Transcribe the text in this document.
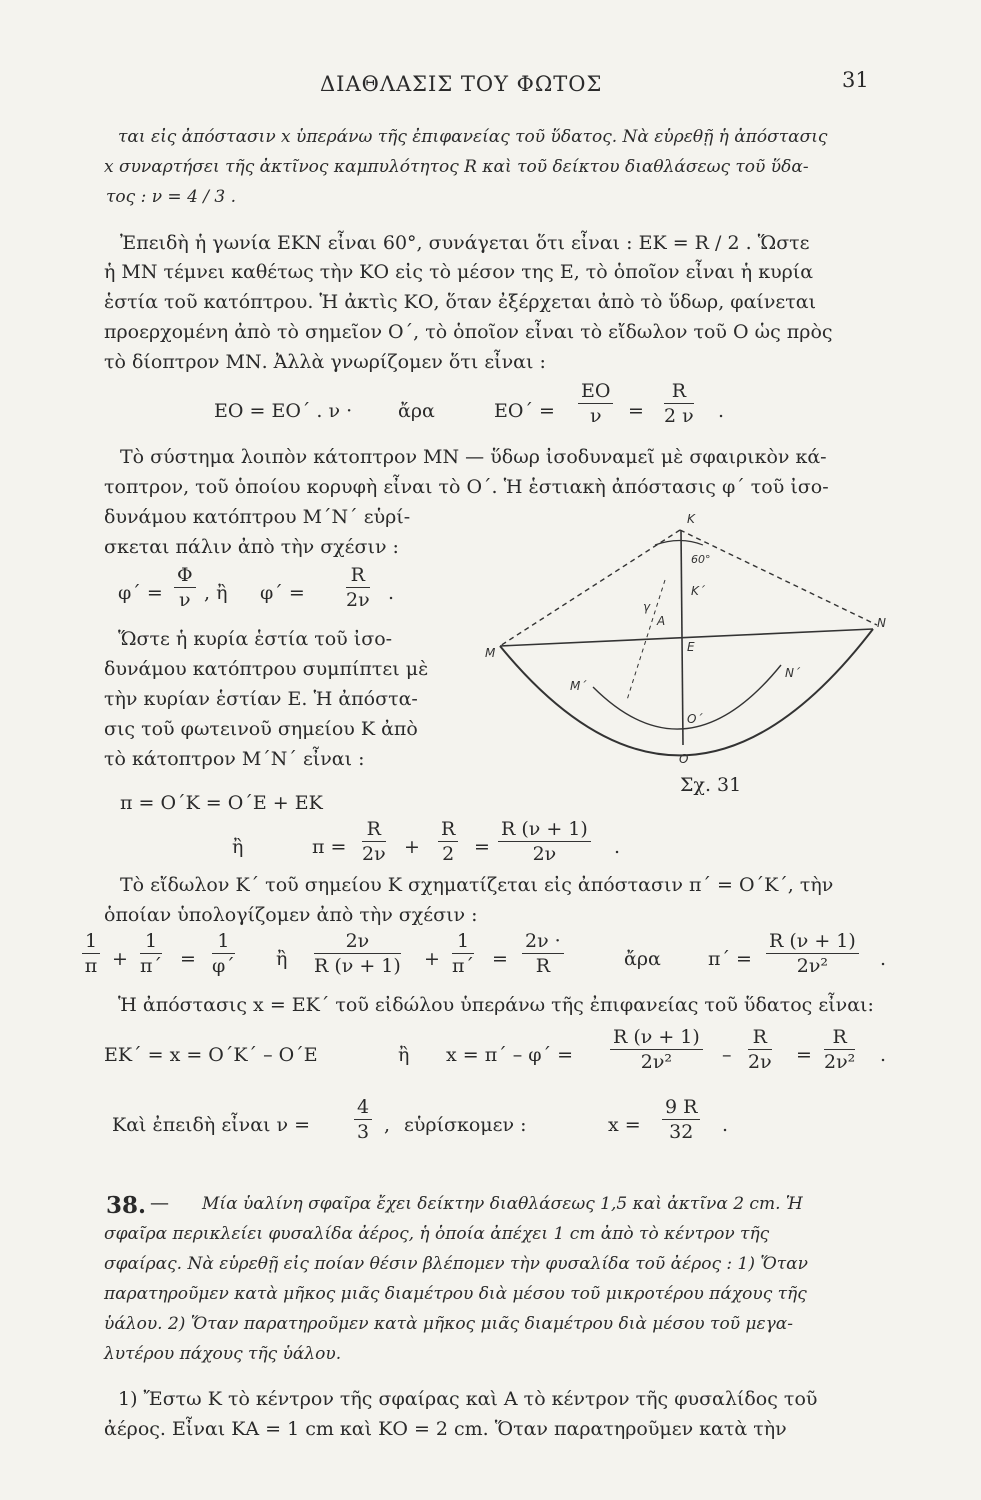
ΔΙΑΘΛΑΣΙΣ ΤΟΥ ΦΩΤΟΣ	31
ται εἰς ἀπόστασιν x ὑπεράνω τῆς ἐπιφανείας τοῦ ὕδατος. Νὰ εὑρεθῇ ἡ ἀπόστασις
x συναρτήσει τῆς ἀκτῖνος καμπυλότητος R καὶ τοῦ δείκτου διαθλάσεως τοῦ ὕδα-
τος : ν = 4 / 3 .
Ἐπειδὴ ἡ γωνία ΕΚΝ εἶναι 60°, συνάγεται ὅτι εἶναι : ΕΚ = R / 2 . Ὥστε
ἡ ΜΝ τέμνει καθέτως τὴν ΚΟ εἰς τὸ μέσον της Ε, τὸ ὁποῖον εἶναι ἡ κυρία
ἑστία τοῦ κατόπτρου. Ἡ ἀκτὶς ΚΟ, ὅταν ἐξέρχεται ἀπὸ τὸ ὕδωρ, φαίνεται
προερχομένη ἀπὸ τὸ σημεῖον Ο΄, τὸ ὁποῖον εἶναι τὸ εἴδωλον τοῦ Ο ὡς πρὸς
τὸ δίοπτρον ΜΝ. Ἀλλὰ γνωρίζομεν ὅτι εἶναι :
ΕΟ = ΕΟ΄ . ν · ἄρα	$EO΄ = \frac{EO}{\nu} = \frac{R}{2 \nu}$ .
Τὸ σύστημα λοιπὸν κάτοπτρον ΜΝ — ὕδωρ ἰσοδυναμεῖ μὲ σφαιρικὸν κά-
τοπτρον, τοῦ ὁποίου κορυφὴ εἶναι τὸ Ο΄. Ἡ ἑστιακὴ ἀπόστασις φ΄ τοῦ ἰσο-
δυνάμου κατόπτρου Μ΄Ν΄ εὑρί-
σκεται πάλιν ἀπὸ τὴν σχέσιν :
$\varphi΄ = \frac{\Phi}{\nu}$ , ἢ $\varphi΄ = \frac{R}{2\nu}$ .
Ὥστε ἡ κυρία ἑστία τοῦ ἰσο-
δυνάμου κατόπτρου συμπίπτει μὲ
τὴν κυρίαν ἑστίαν Ε. Ἡ ἀπόστα-
σις τοῦ φωτεινοῦ σημείου Κ ἀπὸ
τὸ κάτοπτρον Μ΄Ν΄ εἶναι :
K
60°
K΄
M
N
E
M΄
N΄
O΄
O
A
γ
Σχ. 31
π = Ο΄Κ = Ο΄Ε + ΕΚ
ἢ	$\pi = \frac{R}{2\nu} + \frac{R}{2} = \frac{R (\nu + 1)}{2\nu}$ .
Τὸ εἴδωλον Κ΄ τοῦ σημείου Κ σχηματίζεται εἰς ἀπόστασιν π΄ = Ο΄Κ΄, τὴν
ὁποίαν ὑπολογίζομεν ἀπὸ τὴν σχέσιν :
$\frac{1}{\pi} + \frac{1}{\pi΄} = \frac{1}{\varphi΄}$ ἢ $\frac{2\nu}{R (\nu + 1)} + \frac{1}{\pi΄} = \frac{2\nu \cdot}{R}$	ἄρα $\pi΄ = \frac{R (\nu + 1)}{\text{2ν²}}$ .
Ἡ ἀπόστασις x = ΕΚ΄ τοῦ εἰδώλου ὑπεράνω τῆς ἐπιφανείας τοῦ ὕδατος εἶναι:
ΕΚ΄ = x = Ο΄Κ΄ – Ο΄Ε	ἢ $x = \pi΄ - \varphi΄ = \frac{R (\nu + 1)}{\text{2ν²}} - \frac{R}{2\nu} = \frac{R}{\text{2ν²}}$ .
Καὶ ἐπειδὴ εἶναι $\nu = \frac{4}{3}$ , εὑρίσκομεν :	$x = \frac{9 R}{32}$ .
38. — Μία ὑαλίνη σφαῖρα ἔχει δείκτην διαθλάσεως 1,5 καὶ ἀκτῖνα 2 cm. Ἡ
σφαῖρα περικλείει φυσαλίδα ἀέρος, ἡ ὁποία ἀπέχει 1 cm ἀπὸ τὸ κέντρον τῆς
σφαίρας. Νὰ εὑρεθῇ εἰς ποίαν θέσιν βλέπομεν τὴν φυσαλίδα τοῦ ἀέρος : 1) Ὅταν
παρατηροῦμεν κατὰ μῆκος μιᾶς διαμέτρου διὰ μέσου τοῦ μικροτέρου πάχους τῆς
ὑάλου. 2) Ὅταν παρατηροῦμεν κατὰ μῆκος μιᾶς διαμέτρου διὰ μέσου τοῦ μεγα-
λυτέρου πάχους τῆς ὑάλου.
1) Ἔστω Κ τὸ κέντρον τῆς σφαίρας καὶ Α τὸ κέντρον τῆς φυσαλίδος τοῦ
ἀέρος. Εἶναι ΚΑ = 1 cm καὶ ΚΟ = 2 cm. Ὅταν παρατηροῦμεν κατὰ τὴν
